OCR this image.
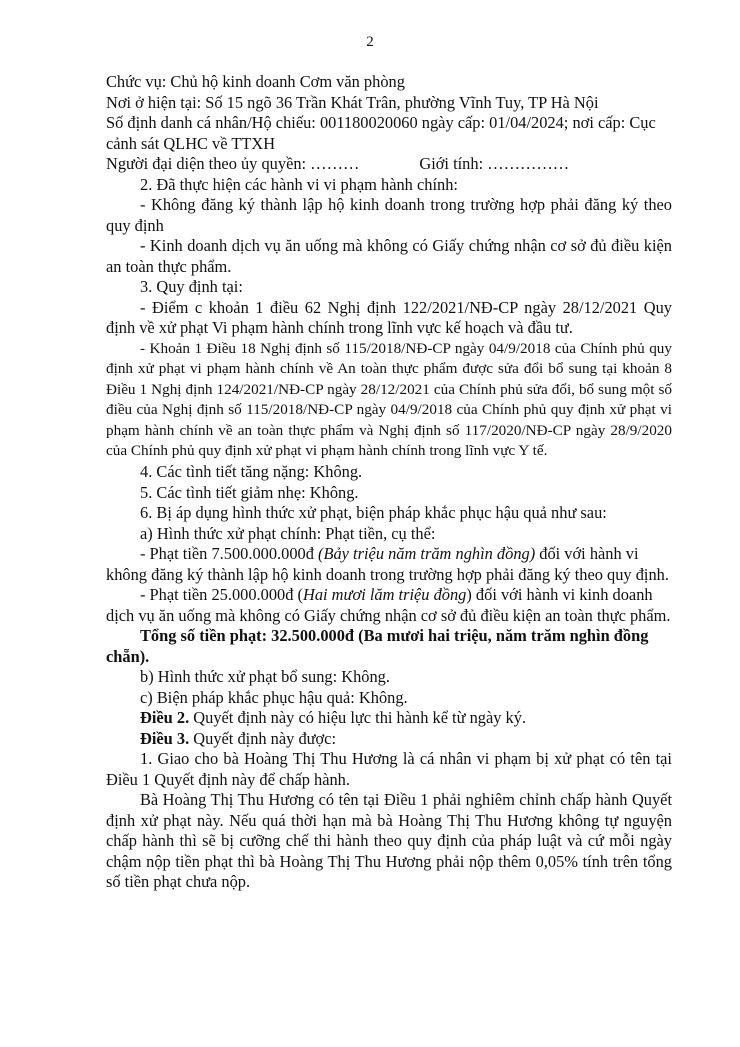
2

Chức vụ: Chủ hộ kinh doanh Cơm văn phòng

Nơi ở hiện tại: Số 15 ngõ 36 Trần Khát Trân, phường Vĩnh Tuy, TP Hà Nội

Số định danh cá nhân/Hộ chiếu: 001180020060 ngày cấp: 01/04/2024; nơi cấp: Cục cảnh sát QLHC về TTXH

Người đại diện theo ủy quyền: ………	Giới tính: ……………

2. Đã thực hiện các hành vi vi phạm hành chính:

- Không đăng ký thành lập hộ kinh doanh trong trường hợp phải đăng ký theo quy định

- Kinh doanh dịch vụ ăn uống mà không có Giấy chứng nhận cơ sở đủ điều kiện an toàn thực phẩm.

3. Quy định tại:

- Điểm c khoản 1 điều 62 Nghị định 122/2021/NĐ-CP ngày 28/12/2021 Quy định về xử phạt Vi phạm hành chính trong lĩnh vực kế hoạch và đầu tư.

- Khoản 1 Điều 18 Nghị định số 115/2018/NĐ-CP ngày 04/9/2018 của Chính phủ quy định xử phạt vi phạm hành chính về An toàn thực phẩm được sửa đổi bổ sung tại khoản 8 Điều 1 Nghị định 124/2021/NĐ-CP ngày 28/12/2021 của Chính phủ sửa đổi, bổ sung một số điều của Nghị định số 115/2018/NĐ-CP ngày 04/9/2018 của Chính phủ quy định xử phạt vi phạm hành chính về an toàn thực phẩm và Nghị định số 117/2020/NĐ-CP ngày 28/9/2020 của Chính phủ quy định xử phạt vi phạm hành chính trong lĩnh vực Y tế.

4. Các tình tiết tăng nặng: Không.

5. Các tình tiết giảm nhẹ: Không.

6. Bị áp dụng hình thức xử phạt, biện pháp khắc phục hậu quả như sau:

a) Hình thức xử phạt chính: Phạt tiền, cụ thể:

- Phạt tiền 7.500.000.000đ (Bảy triệu năm trăm nghìn đồng) đối với hành vi không đăng ký thành lập hộ kinh doanh trong trường hợp phải đăng ký theo quy định.

- Phạt tiền 25.000.000đ (Hai mươi lăm triệu đồng) đối với hành vi kinh doanh dịch vụ ăn uống mà không có Giấy chứng nhận cơ sở đủ điều kiện an toàn thực phẩm.

Tổng số tiền phạt: 32.500.000đ (Ba mươi hai triệu, năm trăm nghìn đồng chẵn).

b) Hình thức xử phạt bổ sung: Không.

c) Biện pháp khắc phục hậu quả: Không.

Điều 2. Quyết định này có hiệu lực thi hành kể từ ngày ký.

Điều 3. Quyết định này được:

1. Giao cho bà Hoàng Thị Thu Hương là cá nhân vi phạm bị xử phạt có tên tại Điều 1 Quyết định này để chấp hành.

Bà Hoàng Thị Thu Hương có tên tại Điều 1 phải nghiêm chỉnh chấp hành Quyết định xử phạt này. Nếu quá thời hạn mà bà Hoàng Thị Thu Hương không tự nguyện chấp hành thì sẽ bị cưỡng chế thi hành theo quy định của pháp luật và cứ mỗi ngày chậm nộp tiền phạt thì bà Hoàng Thị Thu Hương phải nộp thêm 0,05% tính trên tổng số tiền phạt chưa nộp.
